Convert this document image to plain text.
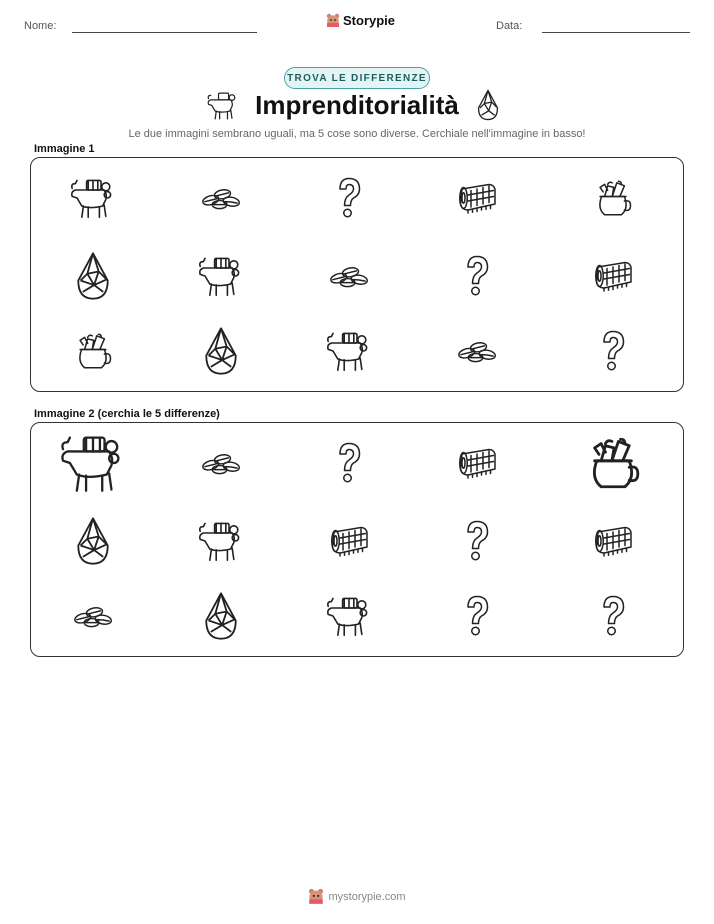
Nome:	Storypie	Data:
TROVA LE DIFFERENZE
Imprenditorialità
Le due immagini sembrano uguali, ma 5 cose sono diverse. Cerchiale nell'immagine in basso!
Immagine 1
Immagine 2 (cerchia le 5 differenze)
mystorypie.com
